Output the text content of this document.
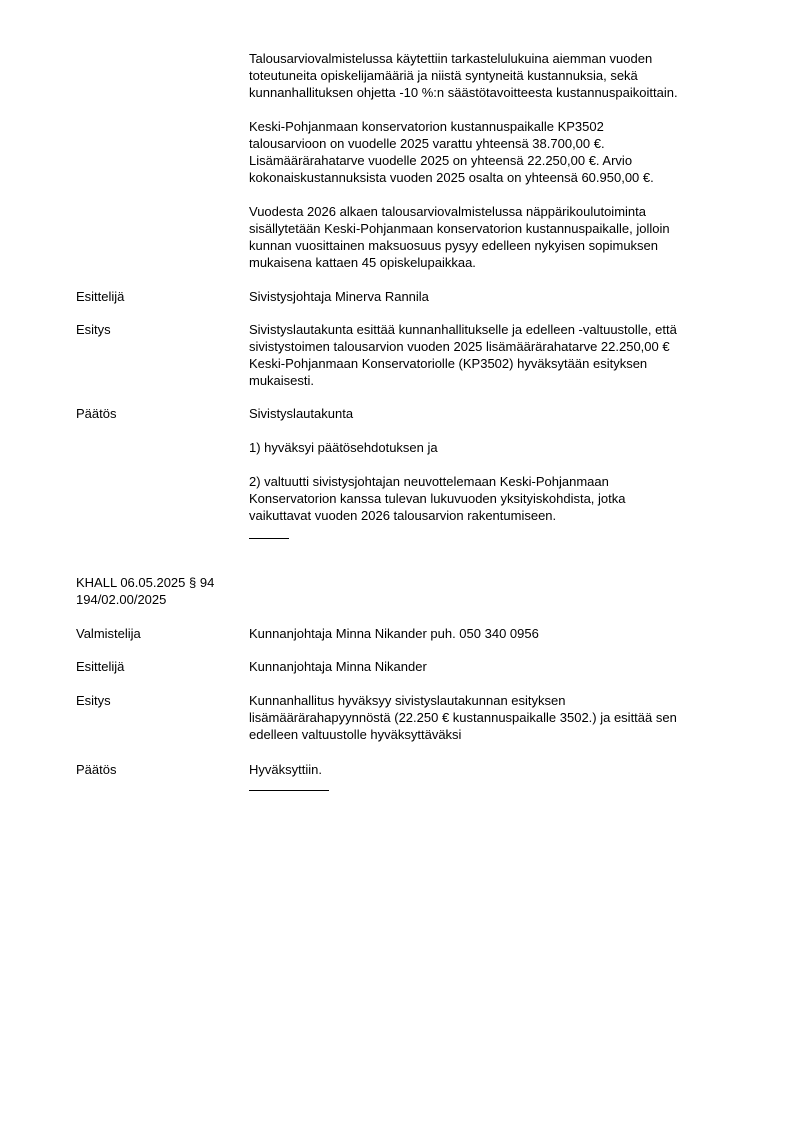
Talousarviovalmistelussa käytettiin tarkastelulukuina aiemman vuoden
toteutuneita opiskelijamääriä ja niistä syntyneitä kustannuksia, sekä
kunnanhallituksen ohjetta -10 %:n säästötavoitteesta kustannuspaikoittain.

Keski-Pohjanmaan konservatorion kustannuspaikalle KP3502
talousarvioon on vuodelle 2025 varattu yhteensä 38.700,00 €.
Lisämäärärahatarve vuodelle 2025 on yhteensä 22.250,00 €. Arvio
kokonaiskustannuksista vuoden 2025 osalta on yhteensä 60.950,00 €.

Vuodesta 2026 alkaen talousarviovalmistelussa näppärikoulutoiminta
sisällytetään Keski-Pohjanmaan konservatorion kustannuspaikalle, jolloin
kunnan vuosittainen maksuosuus pysyy edelleen nykyisen sopimuksen
mukaisena kattaen 45 opiskelupaikkaa.

Esittelijä	Sivistysjohtaja Minerva Rannila

Esitys	Sivistyslautakunta esittää kunnanhallitukselle ja edelleen -valtuustolle, että
sivistystoimen talousarvion vuoden 2025 lisämäärärahatarve 22.250,00 €
Keski-Pohjanmaan Konservatoriolle (KP3502) hyväksytään esityksen
mukaisesti.

Päätös	Sivistyslautakunta

1) hyväksyi päätösehdotuksen ja

2) valtuutti sivistysjohtajan neuvottelemaan Keski-Pohjanmaan
Konservatorion kanssa tulevan lukuvuoden yksityiskohdista, jotka
vaikuttavat vuoden 2026 talousarvion rakentumiseen.

KHALL 06.05.2025 § 94
194/02.00/2025

Valmistelija	Kunnanjohtaja Minna Nikander puh. 050 340 0956

Esittelijä	Kunnanjohtaja Minna Nikander

Esitys	Kunnanhallitus hyväksyy sivistyslautakunnan esityksen
lisämäärärahapyynnöstä (22.250 € kustannuspaikalle 3502.) ja esittää sen
edelleen valtuustolle hyväksyttäväksi

Päätös	Hyväksyttiin.
